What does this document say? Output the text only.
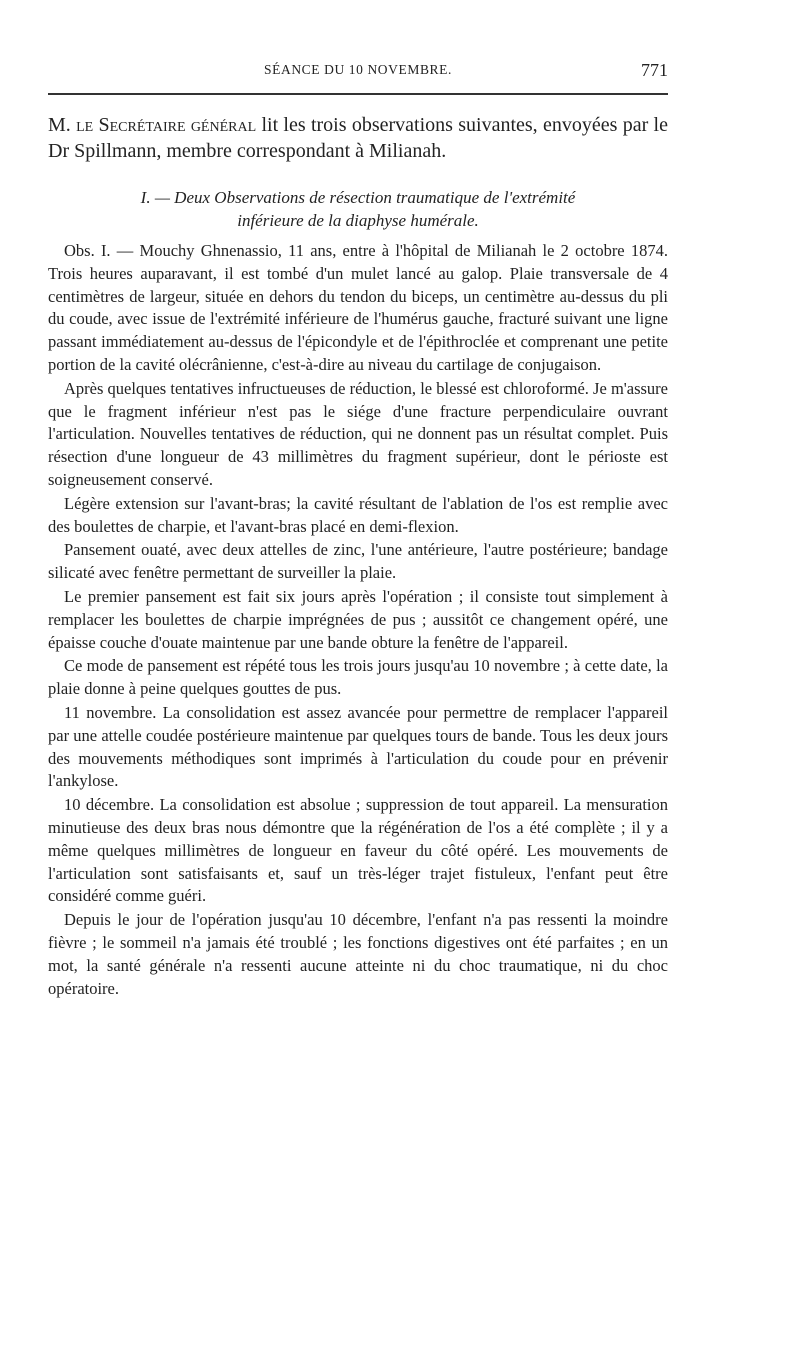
SÉANCE DU 10 NOVEMBRE.	771
M. le Secrétaire général lit les trois observations suivantes, envoyées par le Dr Spillmann, membre correspondant à Milianah.
I. — Deux Observations de résection traumatique de l'extrémité
inférieure de la diaphyse humérale.

Obs. I. — Mouchy Ghnenassio, 11 ans, entre à l'hôpital de Milianah le 2 octobre 1874. Trois heures auparavant, il est tombé d'un mulet lancé au galop. Plaie transversale de 4 centimètres de largeur, située en dehors du tendon du biceps, un centimètre au-dessus du pli du coude, avec issue de l'extrémité inférieure de l'humérus gauche, fracturé suivant une ligne passant immédiatement au-dessus de l'épicondyle et de l'épithroclée et comprenant une petite portion de la cavité olécrânienne, c'est-à-dire au niveau du cartilage de conjugaison.

Après quelques tentatives infructueuses de réduction, le blessé est chloroformé. Je m'assure que le fragment inférieur n'est pas le siége d'une fracture perpendiculaire ouvrant l'articulation. Nouvelles tentatives de réduction, qui ne donnent pas un résultat complet. Puis résection d'une longueur de 43 millimètres du fragment supérieur, dont le périoste est soigneusement conservé.

Légère extension sur l'avant-bras; la cavité résultant de l'ablation de l'os est remplie avec des boulettes de charpie, et l'avant-bras placé en demi-flexion.

Pansement ouaté, avec deux attelles de zinc, l'une antérieure, l'autre postérieure; bandage silicaté avec fenêtre permettant de surveiller la plaie.

Le premier pansement est fait six jours après l'opération ; il consiste tout simplement à remplacer les boulettes de charpie imprégnées de pus ; aussitôt ce changement opéré, une épaisse couche d'ouate maintenue par une bande obture la fenêtre de l'appareil.

Ce mode de pansement est répété tous les trois jours jusqu'au 10 novembre ; à cette date, la plaie donne à peine quelques gouttes de pus.

11 novembre. La consolidation est assez avancée pour permettre de remplacer l'appareil par une attelle coudée postérieure maintenue par quelques tours de bande. Tous les deux jours des mouvements méthodiques sont imprimés à l'articulation du coude pour en prévenir l'ankylose.

10 décembre. La consolidation est absolue ; suppression de tout appareil. La mensuration minutieuse des deux bras nous démontre que la régénération de l'os a été complète ; il y a même quelques millimètres de longueur en faveur du côté opéré. Les mouvements de l'articulation sont satisfaisants et, sauf un très-léger trajet fistuleux, l'enfant peut être considéré comme guéri.

Depuis le jour de l'opération jusqu'au 10 décembre, l'enfant n'a pas ressenti la moindre fièvre ; le sommeil n'a jamais été troublé ; les fonctions digestives ont été parfaites ; en un mot, la santé générale n'a ressenti aucune atteinte ni du choc traumatique, ni du choc opératoire.
